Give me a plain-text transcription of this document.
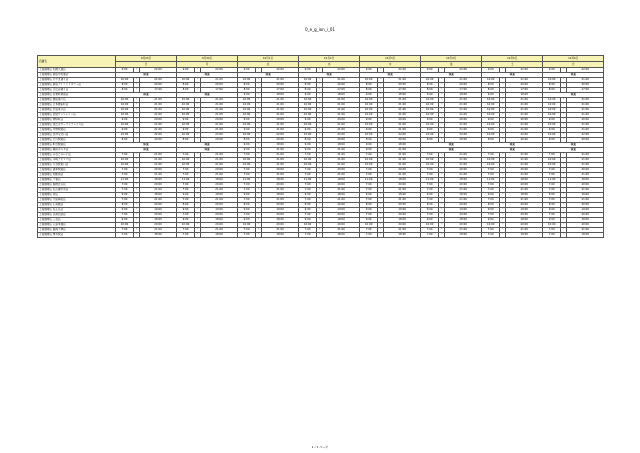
0_e_g_ion_i_01
店舗名	9月29日			9月30日			10月1日			10月2日			10月3日			10月4日			10月5日			10月6日		
	日			月			火			水			木			金			土			日		
上島珈琲店 札幌大通店	9:00	〜	22:00	9:00	〜	22:00	9:00	〜	22:00	9:00	〜	22:00	9:00	〜	22:00	9:00	〜	22:00	9:00	〜	22:00	9:00	〜	22:00
上島珈琲店 新宿中央通店	休業			休業			休業			休業			休業			休業			休業			休業		
上島珈琲店 けやき通り店	10:00	〜	21:00	10:00	〜	21:00	10:00	〜	21:00	10:00	〜	21:00	10:00	〜	21:00	10:00	〜	21:00	10:00	〜	21:00	10:00	〜	21:00
上島珈琲店 新宿アイランドタワー店	8:00	〜	20:00	8:00	〜	20:00	8:00	〜	20:00	8:00	〜	20:00	8:00	〜	20:00	8:00	〜	20:00	8:00	〜	20:00	8:00	〜	20:00
上島珈琲店 日比谷通り店	8:00	〜	17:00	8:00	〜	17:00	8:00	〜	17:00	8:00	〜	17:00	8:00	〜	17:00	8:00	〜	17:00	8:00	〜	17:00	8:00	〜	17:00
上島珈琲店 有楽町駅前店	休業			休業			9:00	〜	18:00	9:00	〜	18:00	9:00	〜	18:00	9:00	〜	18:00	9:00	〜	18:00	休業		
上島珈琲店 銀座通り店	10:00	〜	21:00	10:00	〜	21:00	10:00	〜	21:00	10:00	〜	21:00	10:00	〜	21:00	10:00	〜	21:00	10:00	〜	21:00	10:00	〜	21:00
上島珈琲店 日本橋室町店	10:00	〜	21:00	10:00	〜	21:00	10:00	〜	21:00	10:00	〜	21:00	10:00	〜	21:00	10:00	〜	21:00	10:00	〜	21:00	10:00	〜	21:00
上島珈琲店 渋谷東口店	10:00	〜	21:00	10:00	〜	21:00	10:00	〜	21:00	10:00	〜	21:00	10:00	〜	21:00	10:00	〜	21:00	10:00	〜	21:00	10:00	〜	21:00
上島珈琲店 池袋サンシャイン店	10:00	〜	21:00	10:00	〜	21:00	10:00	〜	21:00	10:00	〜	21:00	10:00	〜	21:00	10:00	〜	21:00	10:00	〜	21:00	10:00	〜	21:00
上島珈琲店 神保町店	9:00	〜	20:00	9:00	〜	20:00	9:00	〜	20:00	9:00	〜	20:00	9:00	〜	20:00	9:00	〜	20:00	9:00	〜	20:00	9:00	〜	20:00
上島珈琲店 恵比寿ガーデンプレイス店	10:00	〜	21:00	10:00	〜	21:00	10:00	〜	21:00	10:00	〜	21:00	10:00	〜	21:00	10:00	〜	21:00	10:00	〜	21:00	10:00	〜	21:00
上島珈琲店 中野駅前店	9:00	〜	21:00	9:00	〜	21:00	9:00	〜	21:00	9:00	〜	21:00	9:00	〜	21:00	9:00	〜	21:00	9:00	〜	21:00	9:00	〜	21:00
上島珈琲店 吉祥寺北口店	10:00	〜	22:00	10:00	〜	22:00	10:00	〜	22:00	10:00	〜	22:00	10:00	〜	22:00	10:00	〜	22:00	10:00	〜	22:00	10:00	〜	22:00
上島珈琲店 立川駅前店	8:00	〜	20:00	8:00	〜	20:00	8:00	〜	20:00	8:00	〜	20:00	8:00	〜	20:00	8:00	〜	20:00	8:00	〜	20:00	8:00	〜	20:00
上島珈琲店 町田駅前店	休業			休業			9:00	〜	18:00	9:00	〜	18:00	9:00	〜	18:00	休業			休業			休業		
上島珈琲店 横浜ポルタ店	休業			休業			9:00	〜	21:00	9:00	〜	21:00	9:00	〜	21:00	休業			休業			休業		
上島珈琲店 みなとみらい店	7:00	〜	21:00	7:00	〜	21:00	7:00	〜	21:00	7:00	〜	21:00	7:00	〜	21:00	7:00	〜	21:00	7:00	〜	21:00	7:00	〜	21:00
上島珈琲店 川崎アゼリア店	10:00	〜	21:00	10:00	〜	21:00	10:00	〜	21:00	10:00	〜	21:00	10:00	〜	21:00	10:00	〜	21:00	10:00	〜	21:00	10:00	〜	21:00
上島珈琲店 大宮駅東口店	10:00	〜	21:00	10:00	〜	21:00	10:00	〜	21:00	10:00	〜	21:00	10:00	〜	21:00	10:00	〜	21:00	10:00	〜	21:00	10:00	〜	21:00
上島珈琲店 浦和駅前店	7:00	〜	20:00	7:00	〜	20:00	7:00	〜	20:00	7:00	〜	20:00	7:00	〜	20:00	7:00	〜	20:00	7:00	〜	20:00	7:00	〜	20:00
上島珈琲店 柏駅前店	7:00	〜	21:00	7:00	〜	21:00	7:00	〜	21:00	7:00	〜	21:00	7:00	〜	21:00	7:00	〜	21:00	7:00	〜	21:00	7:00	〜	21:00
上島珈琲店 千葉店	11:00	〜	18:00	11:00	〜	18:00	11:00	〜	18:00	11:00	〜	18:00	11:00	〜	18:00	11:00	〜	18:00	11:00	〜	18:00	11:00	〜	18:00
上島珈琲店 船橋北口店	7:00	〜	20:00	7:00	〜	20:00	7:00	〜	20:00	7:00	〜	20:00	7:00	〜	20:00	7:00	〜	20:00	7:00	〜	20:00	7:00	〜	20:00
上島珈琲店 名古屋中央店	7:00	〜	21:00	7:00	〜	21:00	7:00	〜	21:00	7:00	〜	21:00	7:00	〜	21:00	7:00	〜	21:00	7:00	〜	21:00	7:00	〜	21:00
上島珈琲店 栄店	9:00	〜	18:00	9:00	〜	18:00	9:00	〜	18:00	9:00	〜	18:00	9:00	〜	18:00	9:00	〜	18:00	9:00	〜	18:00	9:00	〜	18:00
上島珈琲店 大阪梅田店	7:00	〜	21:00	7:00	〜	21:00	7:00	〜	21:00	7:00	〜	21:00	7:00	〜	21:00	7:00	〜	21:00	7:00	〜	21:00	7:00	〜	21:00
上島珈琲店 心斎橋店	8:00	〜	20:00	8:00	〜	20:00	8:00	〜	20:00	8:00	〜	20:00	8:00	〜	20:00	8:00	〜	20:00	8:00	〜	20:00	8:00	〜	20:00
上島珈琲店 なんば店	9:00	〜	19:00	9:00	〜	19:00	9:00	〜	19:00	9:00	〜	19:00	9:00	〜	19:00	9:00	〜	19:00	9:00	〜	19:00	9:00	〜	19:00
上島珈琲店 京都四条店	7:00	〜	20:00	7:00	〜	20:00	7:00	〜	20:00	7:00	〜	20:00	7:00	〜	20:00	7:00	〜	20:00	7:00	〜	20:00	7:00	〜	20:00
上島珈琲店 三宮店	9:00	〜	18:00	9:00	〜	18:00	9:00	〜	18:00	9:00	〜	18:00	9:00	〜	18:00	9:00	〜	18:00	9:00	〜	18:00	9:00	〜	18:00
上島珈琲店 広島本通店	10:00	〜	20:00	10:00	〜	20:00	10:00	〜	20:00	10:00	〜	20:00	10:00	〜	20:00	10:00	〜	20:00	10:00	〜	20:00	10:00	〜	20:00
上島珈琲店 福岡天神店	7:00	〜	21:00	7:00	〜	21:00	7:00	〜	21:00	7:00	〜	21:00	7:00	〜	21:00	7:00	〜	21:00	7:00	〜	21:00	7:00	〜	21:00
上島珈琲店 博多駅店	7:00	〜	18:00	7:00	〜	18:00	7:00	〜	18:00	7:00	〜	18:00	7:00	〜	18:00	7:00	〜	18:00	7:00	〜	18:00	7:00	〜	18:00
1 / 1 ページ
